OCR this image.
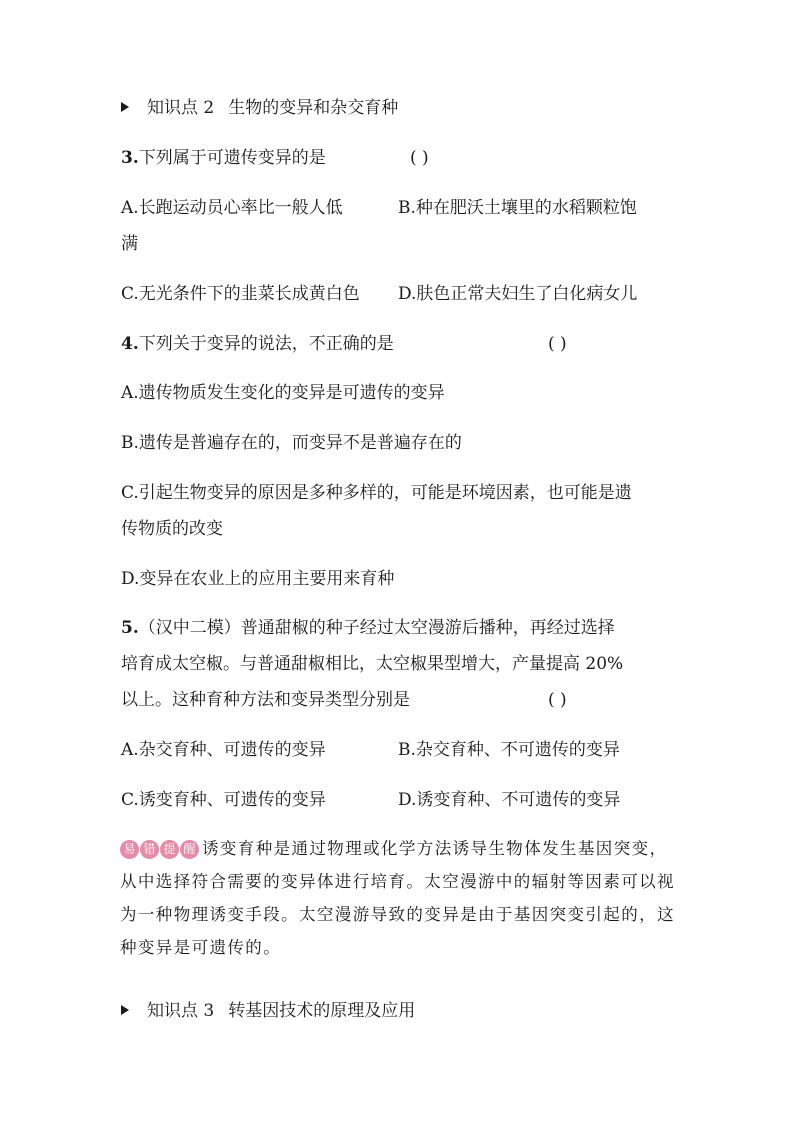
知识点 2 生物的变异和杂交育种
3.下列属于可遗传变异的是	( )
A.长跑运动员心率比一般人低	B.种在肥沃土壤里的水稻颗粒饱
满
C.无光条件下的韭菜长成黄白色 D.肤色正常夫妇生了白化病女儿
4.下列关于变异的说法，不正确的是	( )
A.遗传物质发生变化的变异是可遗传的变异
B.遗传是普遍存在的，而变异不是普遍存在的
C.引起生物变异的原因是多种多样的，可能是环境因素，也可能是遗
传物质的改变
D.变异在农业上的应用主要用来育种
5.（汉中二模）普通甜椒的种子经过太空漫游后播种，再经过选择
培育成太空椒。与普通甜椒相比，太空椒果型增大，产量提高 20%
以上。这种育种方法和变异类型分别是	( )
A.杂交育种、可遗传的变异	B.杂交育种、不可遗传的变异
C.诱变育种、可遗传的变异	D.诱变育种、不可遗传的变异
易 错 提 醒 诱变育种是通过物理或化学方法诱导生物体发生基因突变，从中选择符合需要的变异体进行培育。太空漫游中的辐射等因素可以视为一种物理诱变手段。太空漫游导致的变异是由于基因突变引起的，这种变异是可遗传的。
知识点 3 转基因技术的原理及应用
